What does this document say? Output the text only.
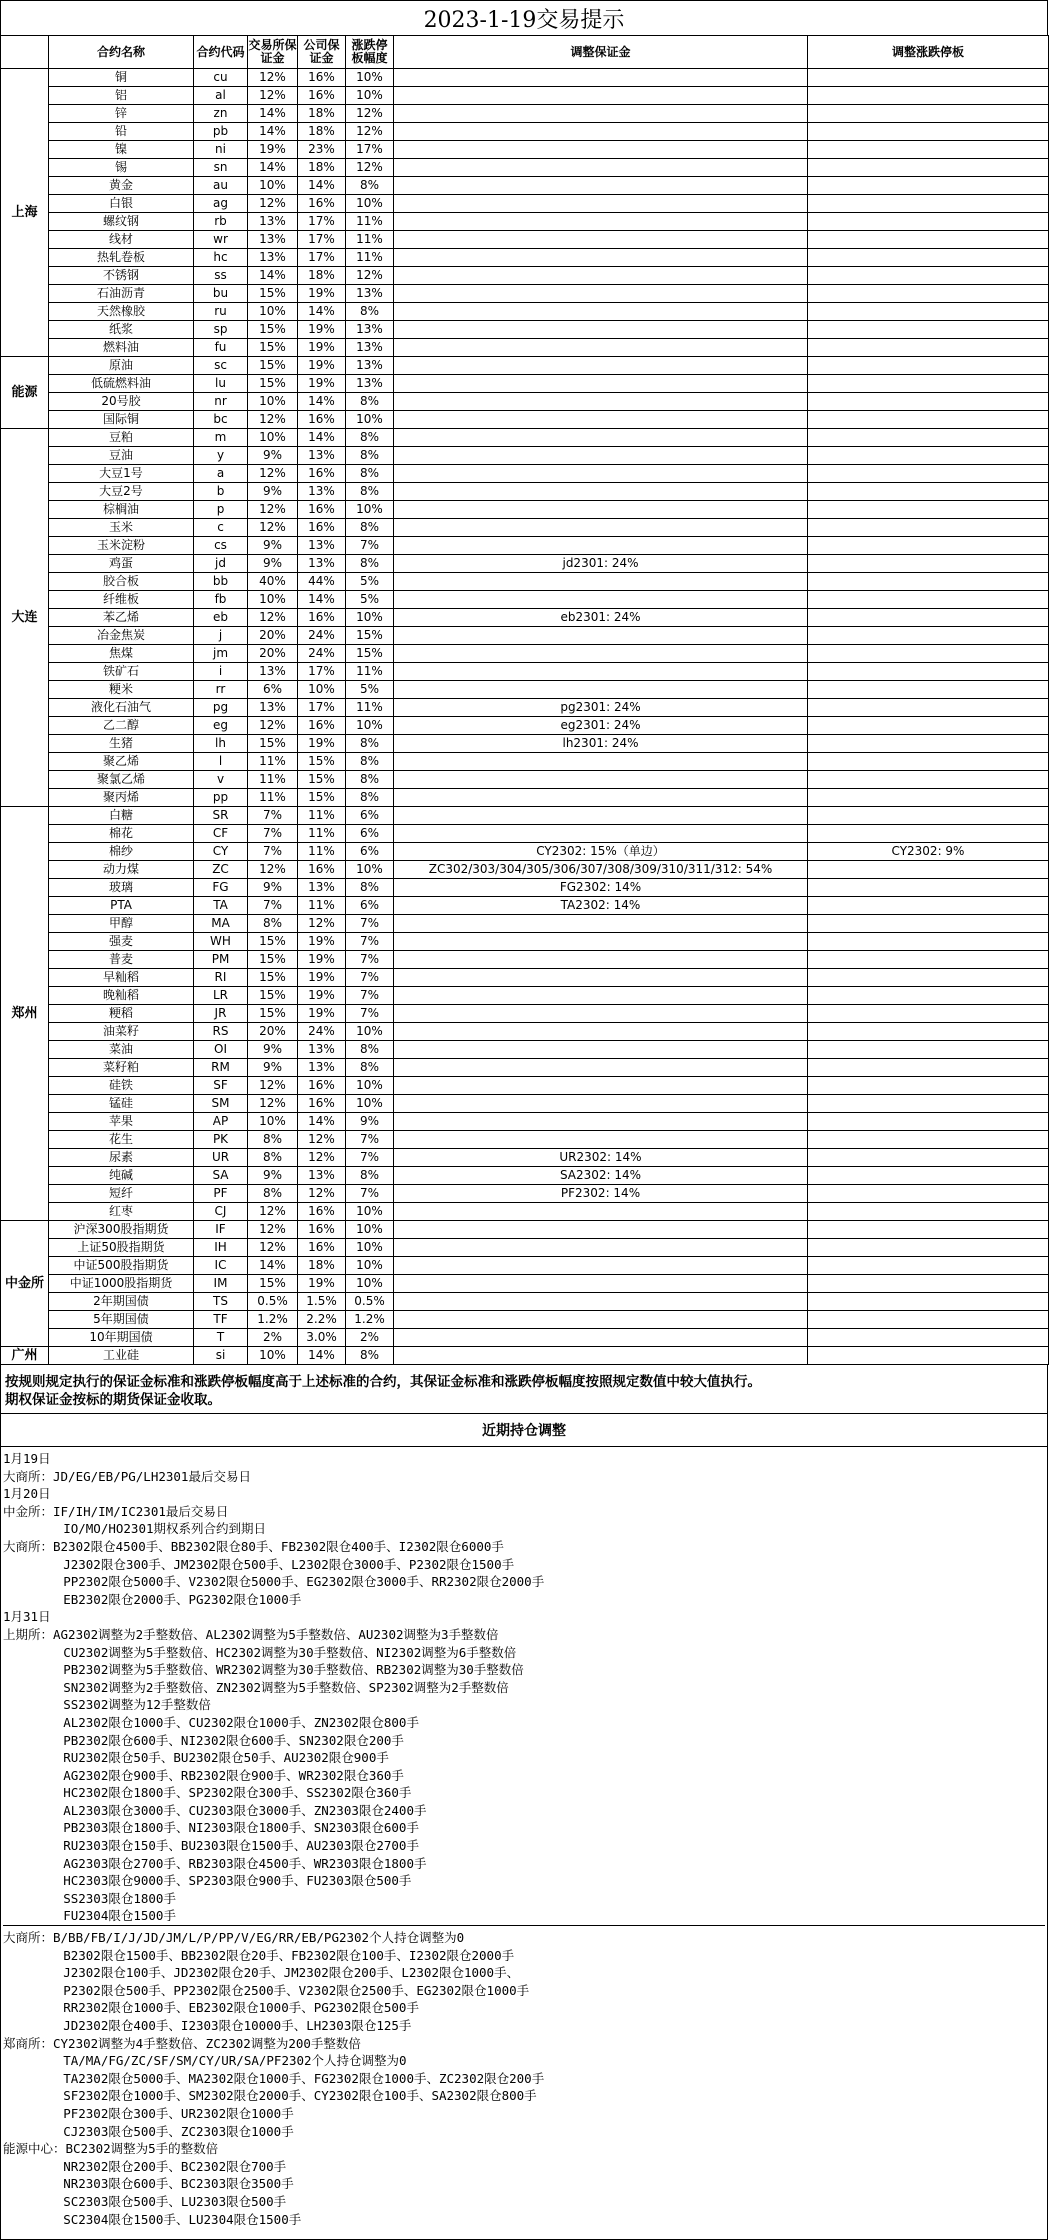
2023-1-19交易提示
	合约名称	合约代码	交易所保证金	公司保证金	涨跌停板幅度	调整保证金	调整涨跌停板
上海	铜	cu	12%	16%	10%		
	铝	al	12%	16%	10%		
	锌	zn	14%	18%	12%		
	铅	pb	14%	18%	12%		
	镍	ni	19%	23%	17%		
	锡	sn	14%	18%	12%		
	黄金	au	10%	14%	8%		
	白银	ag	12%	16%	10%		
	螺纹钢	rb	13%	17%	11%		
	线材	wr	13%	17%	11%		
	热轧卷板	hc	13%	17%	11%		
	不锈钢	ss	14%	18%	12%		
	石油沥青	bu	15%	19%	13%		
	天然橡胶	ru	10%	14%	8%		
	纸浆	sp	15%	19%	13%		
	燃料油	fu	15%	19%	13%		
能源	原油	sc	15%	19%	13%		
	低硫燃料油	lu	15%	19%	13%		
	20号胶	nr	10%	14%	8%		
	国际铜	bc	12%	16%	10%		
大连	豆粕	m	10%	14%	8%		
	豆油	y	9%	13%	8%		
	大豆1号	a	12%	16%	8%		
	大豆2号	b	9%	13%	8%		
	棕榈油	p	12%	16%	10%		
	玉米	c	12%	16%	8%		
	玉米淀粉	cs	9%	13%	7%		
	鸡蛋	jd	9%	13%	8%	jd2301: 24%	
	胶合板	bb	40%	44%	5%		
	纤维板	fb	10%	14%	5%		
	苯乙烯	eb	12%	16%	10%	eb2301: 24%	
	冶金焦炭	j	20%	24%	15%		
	焦煤	jm	20%	24%	15%		
	铁矿石	i	13%	17%	11%		
	粳米	rr	6%	10%	5%		
	液化石油气	pg	13%	17%	11%	pg2301: 24%	
	乙二醇	eg	12%	16%	10%	eg2301: 24%	
	生猪	lh	15%	19%	8%	lh2301: 24%	
	聚乙烯	l	11%	15%	8%		
	聚氯乙烯	v	11%	15%	8%		
	聚丙烯	pp	11%	15%	8%		
郑州	白糖	SR	7%	11%	6%		
	棉花	CF	7%	11%	6%		
	棉纱	CY	7%	11%	6%	CY2302: 15%（单边）	CY2302: 9%
	动力煤	ZC	12%	16%	10%	ZC302/303/304/305/306/307/308/309/310/311/312: 54%	
	玻璃	FG	9%	13%	8%	FG2302: 14%	
	PTA	TA	7%	11%	6%	TA2302: 14%	
	甲醇	MA	8%	12%	7%		
	强麦	WH	15%	19%	7%		
	普麦	PM	15%	19%	7%		
	早籼稻	RI	15%	19%	7%		
	晚籼稻	LR	15%	19%	7%		
	粳稻	JR	15%	19%	7%		
	油菜籽	RS	20%	24%	10%		
	菜油	OI	9%	13%	8%		
	菜籽粕	RM	9%	13%	8%		
	硅铁	SF	12%	16%	10%		
	锰硅	SM	12%	16%	10%		
	苹果	AP	10%	14%	9%		
	花生	PK	8%	12%	7%		
	尿素	UR	8%	12%	7%	UR2302: 14%	
	纯碱	SA	9%	13%	8%	SA2302: 14%	
	短纤	PF	8%	12%	7%	PF2302: 14%	
	红枣	CJ	12%	16%	10%		
中金所	沪深300股指期货	IF	12%	16%	10%		
	上证50股指期货	IH	12%	16%	10%		
	中证500股指期货	IC	14%	18%	10%		
	中证1000股指期货	IM	15%	19%	10%		
	2年期国债	TS	0.5%	1.5%	0.5%		
	5年期国债	TF	1.2%	2.2%	1.2%		
	10年期国债	T	2%	3.0%	2%		
广州	工业硅	si	10%	14%	8%		
按规则规定执行的保证金标准和涨跌停板幅度高于上述标准的合约，其保证金标准和涨跌停板幅度按照规定数值中较大值执行。
期权保证金按标的期货保证金收取。
近期持仓调整
1月19日
大商所：JD/EG/EB/PG/LH2301最后交易日
1月20日
中金所：IF/IH/IM/IC2301最后交易日
IO/MO/HO2301期权系列合约到期日
大商所：B2302限仓4500手、BB2302限仓80手、FB2302限仓400手、I2302限仓6000手
J2302限仓300手、JM2302限仓500手、L2302限仓3000手、P2302限仓1500手
PP2302限仓5000手、V2302限仓5000手、EG2302限仓3000手、RR2302限仓2000手
EB2302限仓2000手、PG2302限仓1000手
1月31日
上期所：AG2302调整为2手整数倍、AL2302调整为5手整数倍、AU2302调整为3手整数倍
CU2302调整为5手整数倍、HC2302调整为30手整数倍、NI2302调整为6手整数倍
PB2302调整为5手整数倍、WR2302调整为30手整数倍、RB2302调整为30手整数倍
SN2302调整为2手整数倍、ZN2302调整为5手整数倍、SP2302调整为2手整数倍
SS2302调整为12手整数倍
AL2302限仓1000手、CU2302限仓1000手、ZN2302限仓800手
PB2302限仓600手、NI2302限仓600手、SN2302限仓200手
RU2302限仓50手、BU2302限仓50手、AU2302限仓900手
AG2302限仓900手、RB2302限仓900手、WR2302限仓360手
HC2302限仓1800手、SP2302限仓300手、SS2302限仓360手
AL2303限仓3000手、CU2303限仓3000手、ZN2303限仓2400手
PB2303限仓1800手、NI2303限仓1800手、SN2303限仓600手
RU2303限仓150手、BU2303限仓1500手、AU2303限仓2700手
AG2303限仓2700手、RB2303限仓4500手、WR2303限仓1800手
HC2303限仓9000手、SP2303限仓900手、FU2303限仓500手
SS2303限仓1800手
FU2304限仓1500手
大商所：B/BB/FB/I/J/JD/JM/L/P/PP/V/EG/RR/EB/PG2302个人持仓调整为0
B2302限仓1500手、BB2302限仓20手、FB2302限仓100手、I2302限仓2000手
J2302限仓100手、JD2302限仓20手、JM2302限仓200手、L2302限仓1000手、
P2302限仓500手、PP2302限仓2500手、V2302限仓2500手、EG2302限仓1000手
RR2302限仓1000手、EB2302限仓1000手、PG2302限仓500手
JD2302限仓400手、I2303限仓10000手、LH2303限仓125手
郑商所：CY2302调整为4手整数倍、ZC2302调整为200手整数倍
TA/MA/FG/ZC/SF/SM/CY/UR/SA/PF2302个人持仓调整为0
TA2302限仓5000手、MA2302限仓1000手、FG2302限仓1000手、ZC2302限仓200手
SF2302限仓1000手、SM2302限仓2000手、CY2302限仓100手、SA2302限仓800手
PF2302限仓300手、UR2302限仓1000手
CJ2303限仓500手、ZC2303限仓1000手
能源中心：BC2302调整为5手的整数倍
NR2302限仓200手、BC2302限仓700手
NR2303限仓600手、BC2303限仓3500手
SC2303限仓500手、LU2303限仓500手
SC2304限仓1500手、LU2304限仓1500手
